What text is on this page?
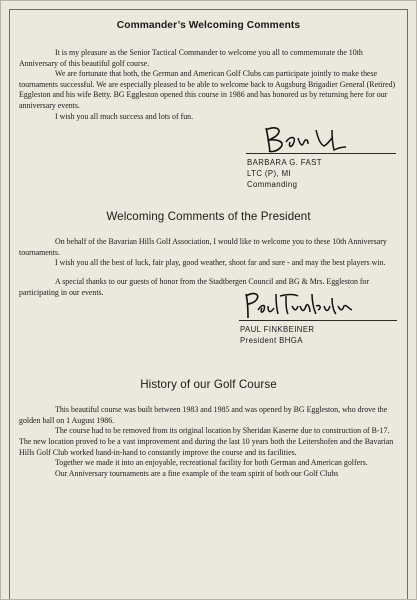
Commander’s Welcoming Comments

It is my pleasure as the Senior Tactical Commander to welcome you all to commemorate the 10th Anniversary of this beautiful golf course.

We are fortunate that both, the German and American Golf Clubs can participate jointly to make these tournaments successful. We are especially pleased to be able to welcome back to Augsburg Brigadier General (Retired) Eggleston and his wife Betty. BG Eggleston opened this course in 1986 and has honored us by returning here for our anniversary events.

I wish you all much success and lots of fun.

BARBARA G. FAST
LTC (P), MI
Commanding
Welcoming Comments of the President

On behalf of the Bavarian Hills Golf Association, I would like to welcome you to these 10th Anniversary tournaments.

I wish you all the best of luck, fair play, good weather, shoot far and sure - and may the best players win.

A special thanks to our guests of honor from the Stadtbergen Council and BG & Mrs. Eggleston for participating in our events.

PAUL FINKBEINER
President BHGA
History of our Golf Course

This beautiful course was built between 1983 and 1985 and was opened by BG Eggleston, who drove the golden ball on 1 August 1986.

The course had to be removed from its original location by Sheridan Kaserne due to construction of B-17. The new location proved to be a vast improvement and during the last 10 years both the Leitershofen and the Bavarian Hills Golf Club worked hand-in-hand to constantly improve the course and its facilities.

Together we made it into an enjoyable, recreational facility for both German and American golfers.

Our Anniversary tournaments are a fine example of the team spirit of both our Golf Clubs
